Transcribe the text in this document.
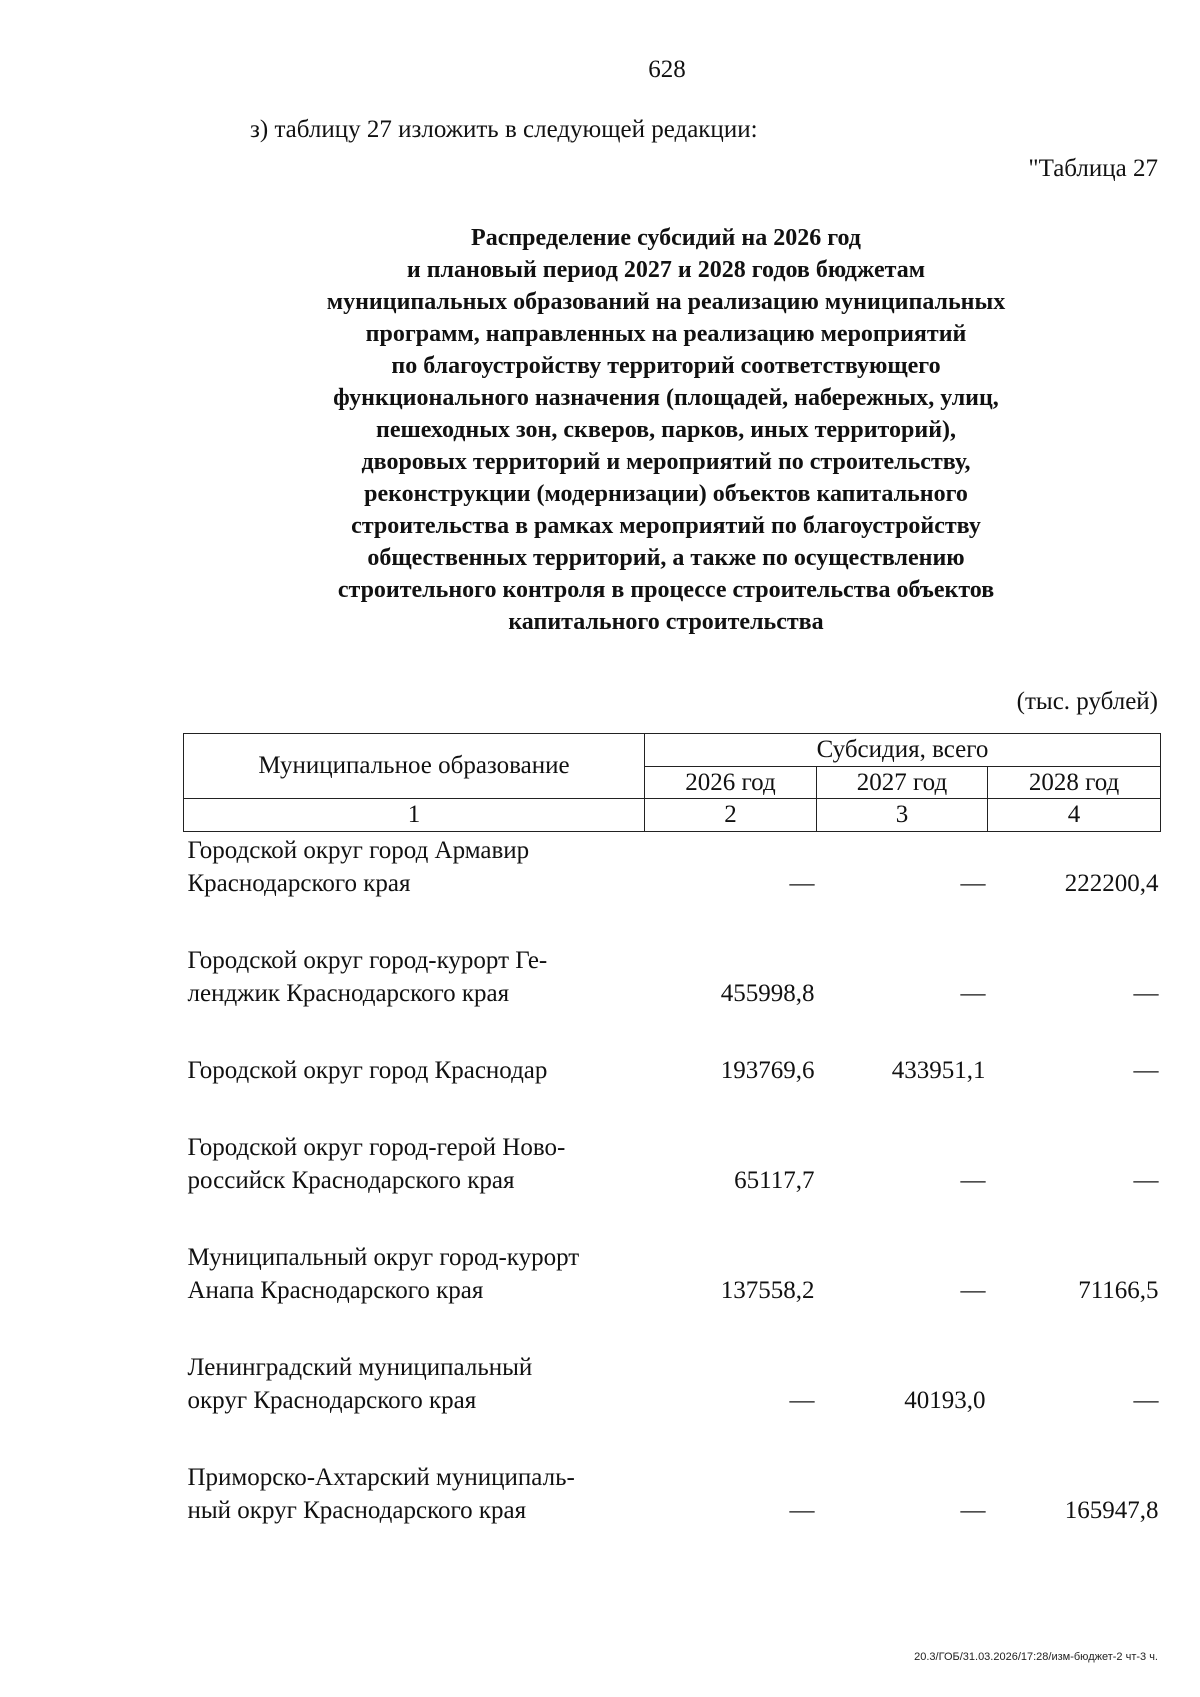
628
з) таблицу 27 изложить в следующей редакции:
"Таблица 27
Распределение субсидий на 2026 год
и плановый период 2027 и 2028 годов бюджетам
муниципальных образований на реализацию муниципальных
программ, направленных на реализацию мероприятий
по благоустройству территорий соответствующего
функционального назначения (площадей, набережных, улиц,
пешеходных зон, скверов, парков, иных территорий),
дворовых территорий и мероприятий по строительству,
реконструкции (модернизации) объектов капитального
строительства в рамках мероприятий по благоустройству
общественных территорий, а также по осуществлению
строительного контроля в процессе строительства объектов
капитального строительства
(тыс. рублей)
Муниципальное образование	Субсидия, всего		
	2026 год	2027 год	2028 год
1	2	3	4

Городской округ город Армавир
Краснодарского края	—	—	222200,4

Городской округ город-курорт Ге-
ленджик Краснодарского края	455998,8	—	—

Городской округ город Краснодар	193769,6	433951,1	—

Городской округ город-герой Ново-
российск Краснодарского края	65117,7	—	—

Муниципальный округ город-курорт
Анапа Краснодарского края	137558,2	—	71166,5

Ленинградский муниципальный
округ Краснодарского края	—	40193,0	—

Приморско-Ахтарский муниципаль-
ный округ Краснодарского края	—	—	165947,8
20.3/ГОБ/31.03.2026/17:28/изм-бюджет-2 чт-3 ч.
